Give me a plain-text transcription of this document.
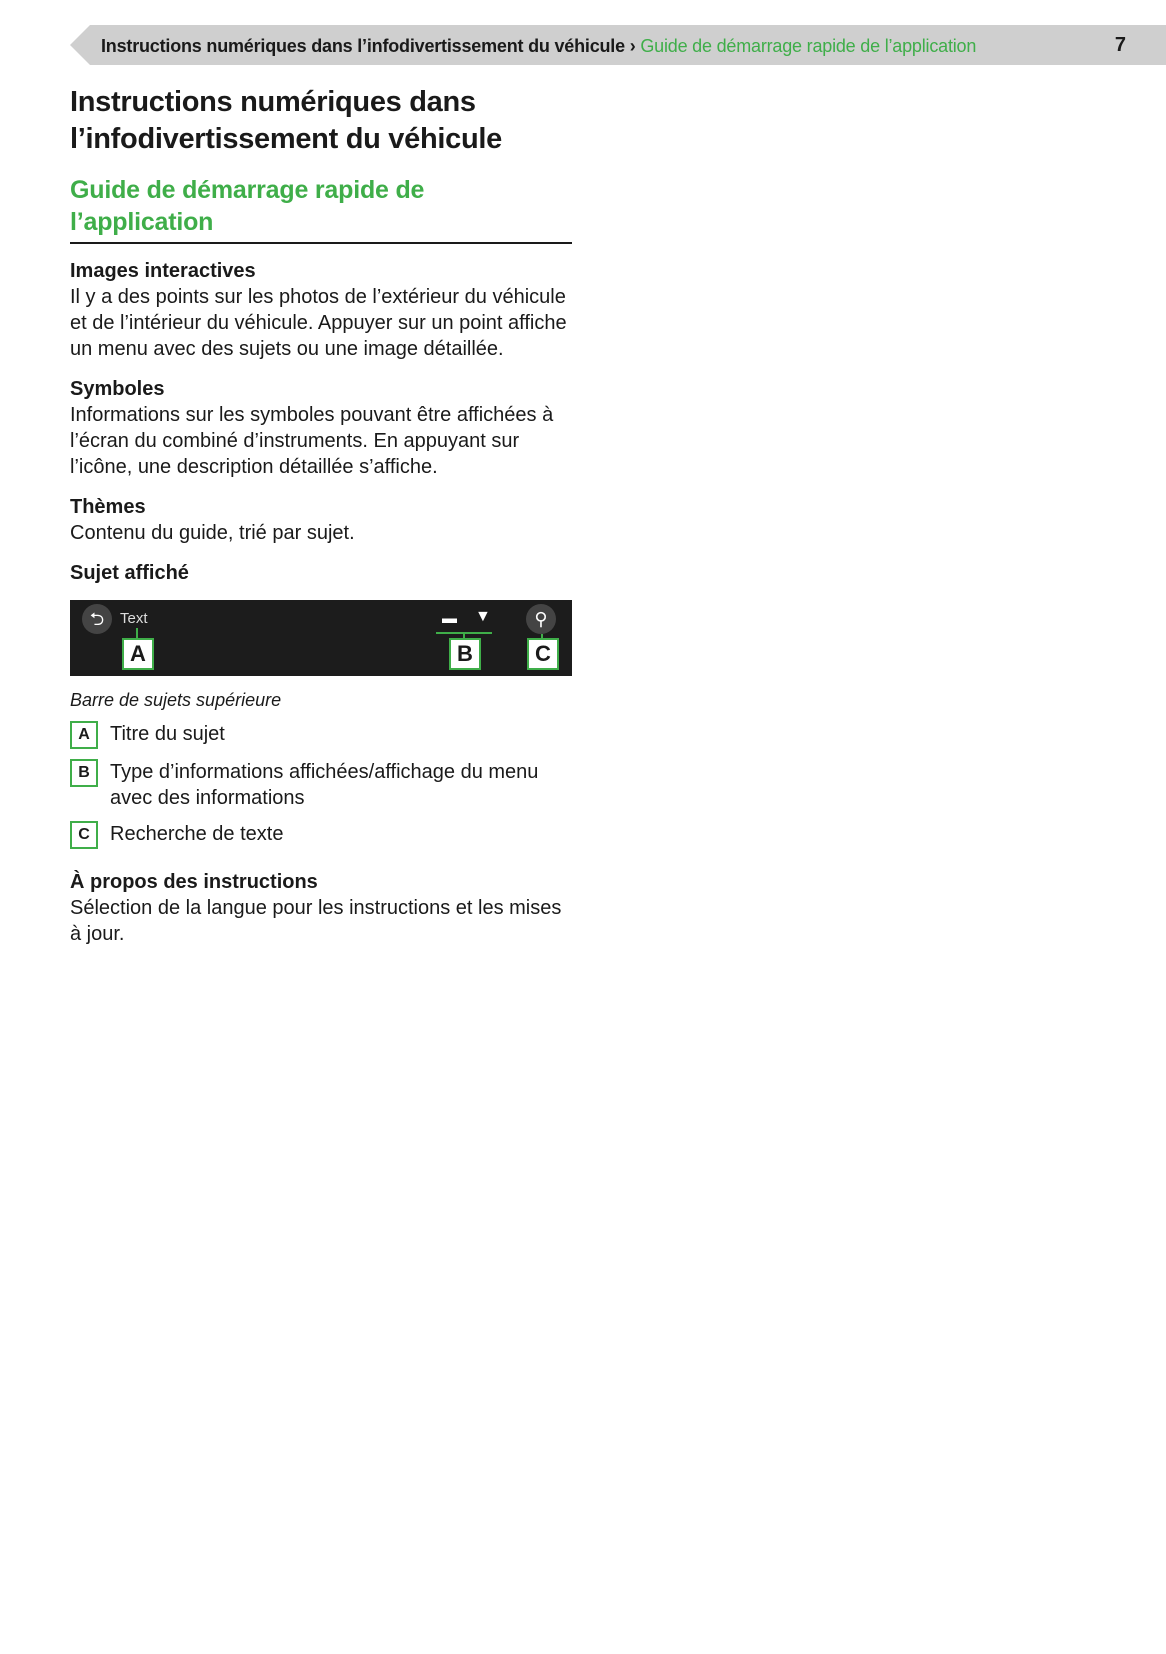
Instructions numériques dans l’infodivertissement du véhicule › Guide de démarrage rapide de l’application	7
Instructions numériques dans l’infodivertissement du véhicule
Guide de démarrage rapide de l’application
Images interactives

Il y a des points sur les photos de l’extérieur du véhicule et de l’intérieur du véhicule. Appuyer sur un point affiche un menu avec des sujets ou une image détaillée.

Symboles

Informations sur les symboles pouvant être affichées à l’écran du combiné d’instruments. En appuyant sur l’icône, une description détaillée s’affiche.

Thèmes

Contenu du guide, trié par sujet.

Sujet affiché
⮌	Text
A
▬ ▼
B
⚲
C
Barre de sujets supérieure
A	Titre du sujet
B	Type d’informations affichées/affichage du menu avec des informations
C	Recherche de texte
À propos des instructions

Sélection de la langue pour les instructions et les mises à jour.
